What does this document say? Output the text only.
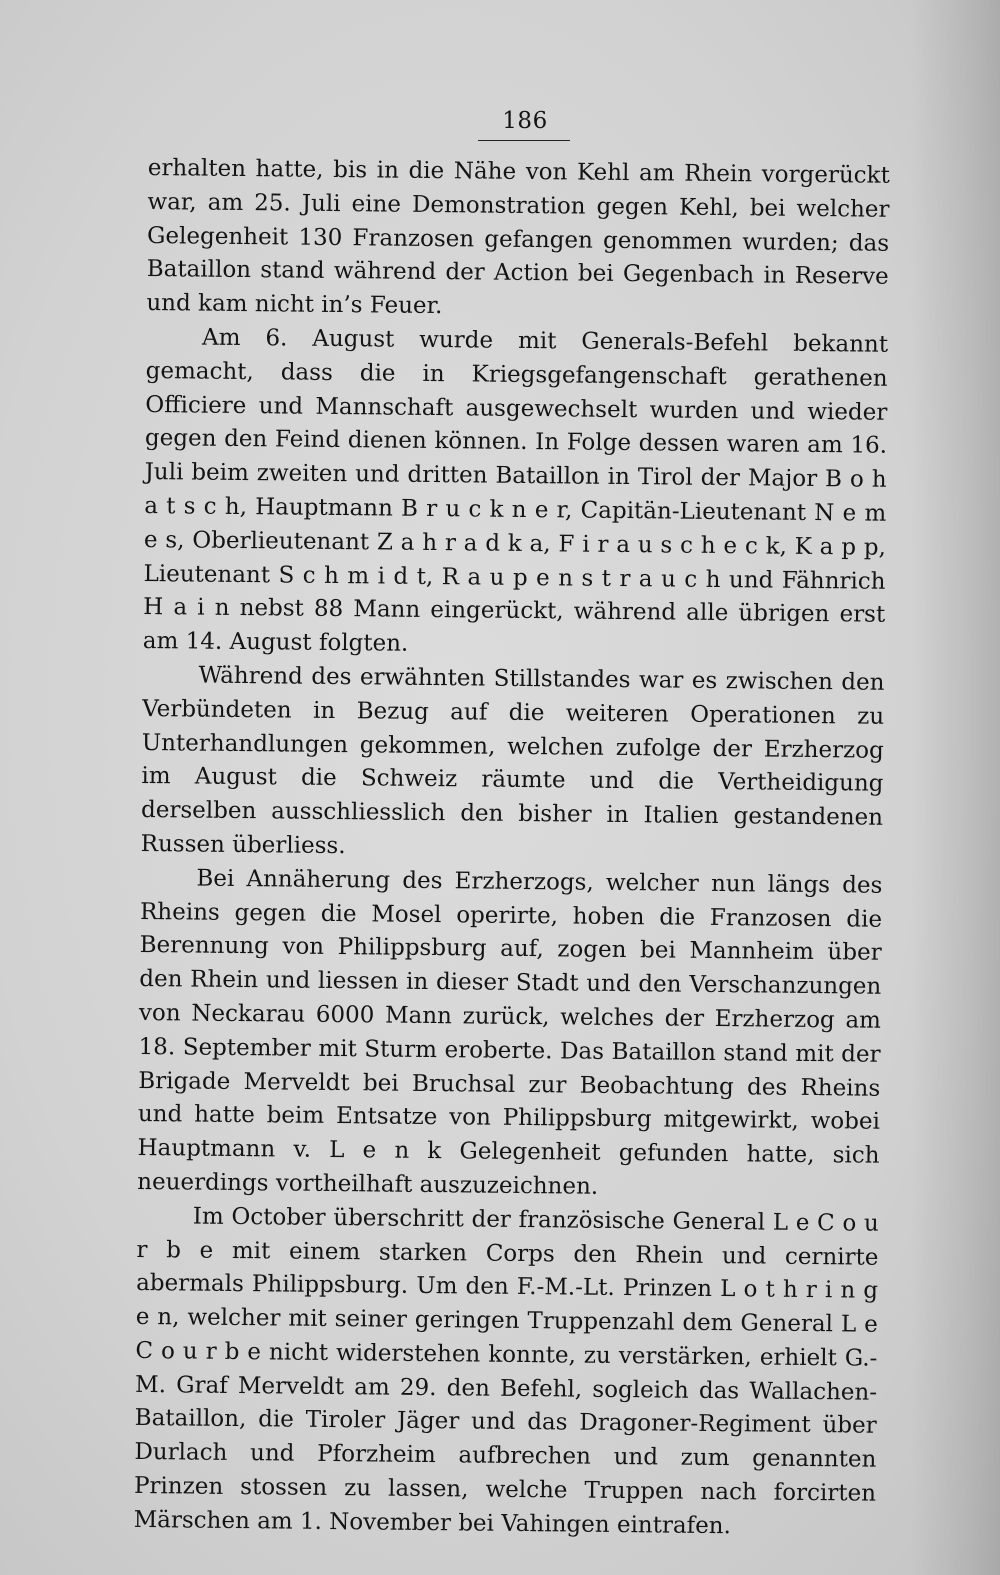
186

erhalten hatte, bis in die Nähe von Kehl am Rhein vorgerückt war, am 25. Juli eine Demonstration gegen Kehl, bei welcher Gelegenheit 130 Franzosen gefangen genommen wurden; das Bataillon stand während der Action bei Gegenbach in Reserve und kam nicht in’s Feuer.

Am 6. August wurde mit Generals-Befehl bekannt gemacht, dass die in Kriegsgefangenschaft gerathenen Officiere und Mannschaft ausgewechselt wurden und wieder gegen den Feind dienen können. In Folge dessen waren am 16. Juli beim zweiten und dritten Bataillon in Tirol der Major B o h a t s c h, Hauptmann B r u c k n e r, Capitän-Lieutenant N e m e s, Oberlieutenant Z a h r a d k a, F i r a u s c h e c k, K a p p, Lieutenant S c h m i d t, R a u p e n s t r a u c h und Fähnrich H a i n nebst 88 Mann eingerückt, während alle übrigen erst am 14. August folgten.

Während des erwähnten Stillstandes war es zwischen den Verbündeten in Bezug auf die weiteren Operationen zu Unterhandlungen gekommen, welchen zufolge der Erzherzog im August die Schweiz räumte und die Vertheidigung derselben ausschliesslich den bisher in Italien gestandenen Russen überliess.

Bei Annäherung des Erzherzogs, welcher nun längs des Rheins gegen die Mosel operirte, hoben die Franzosen die Berennung von Philippsburg auf, zogen bei Mannheim über den Rhein und liessen in dieser Stadt und den Verschanzungen von Neckarau 6000 Mann zurück, welches der Erzherzog am 18. September mit Sturm eroberte. Das Bataillon stand mit der Brigade Merveldt bei Bruchsal zur Beobachtung des Rheins und hatte beim Entsatze von Philippsburg mitgewirkt, wobei Hauptmann v. L e n k Gelegenheit gefunden hatte, sich neuerdings vortheilhaft auszuzeichnen.

Im October überschritt der französische General L e C o u r b e mit einem starken Corps den Rhein und cernirte abermals Philippsburg. Um den F.-M.-Lt. Prinzen L o t h r i n g e n, welcher mit seiner geringen Truppenzahl dem General L e C o u r b e nicht widerstehen konnte, zu verstärken, erhielt G.-M. Graf Merveldt am 29. den Befehl, sogleich das Wallachen-Bataillon, die Tiroler Jäger und das Dragoner-Regiment über Durlach und Pforzheim aufbrechen und zum genannten Prinzen stossen zu lassen, welche Truppen nach forcirten Märschen am 1. November bei Vahingen eintrafen.
